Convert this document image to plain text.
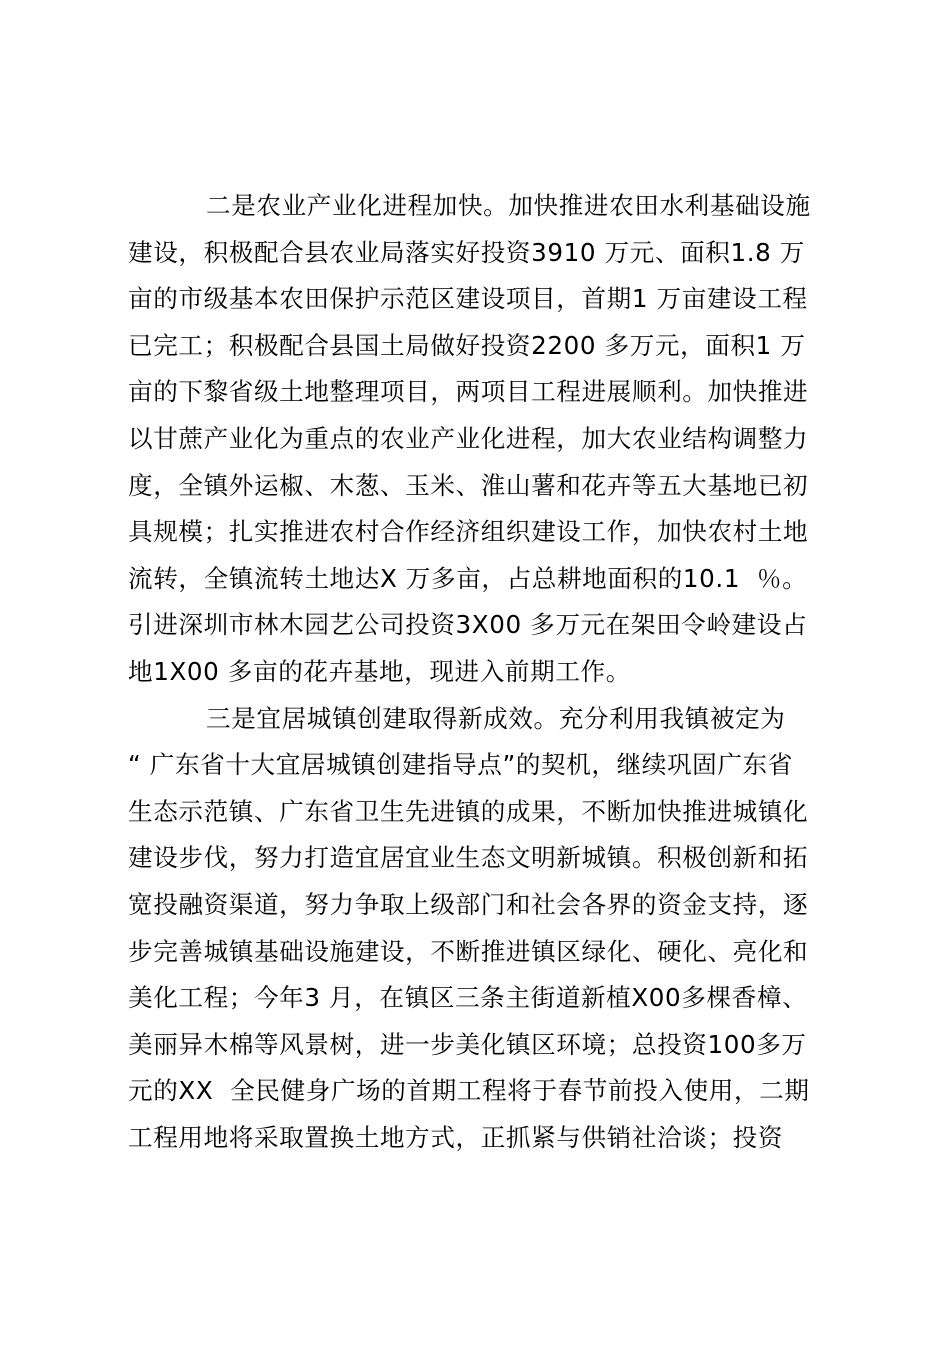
二是农业产业化进程加快。加快推进农田水利基础设施
建设，积极配合县农业局落实好投资3910 万元、面积1.8 万
亩的市级基本农田保护示范区建设项目，首期1 万亩建设工程
已完工；积极配合县国土局做好投资2200 多万元，面积1 万
亩的下黎省级土地整理项目，两项目工程进展顺利。加快推进
以甘蔗产业化为重点的农业产业化进程，加大农业结构调整力
度，全镇外运椒、木葱、玉米、淮山薯和花卉等五大基地已初
具规模；扎实推进农村合作经济组织建设工作，加快农村土地
流转，全镇流转土地达X 万多亩，占总耕地面积的10.1  ％。
引进深圳市林木园艺公司投资3X00 多万元在架田令岭建设占
地1X00 多亩的花卉基地，现进入前期工作。
三是宜居城镇创建取得新成效。充分利用我镇被定为
“ 广东省十大宜居城镇创建指导点”的契机，继续巩固广东省
生态示范镇、广东省卫生先进镇的成果，不断加快推进城镇化
建设步伐，努力打造宜居宜业生态文明新城镇。积极创新和拓
宽投融资渠道，努力争取上级部门和社会各界的资金支持，逐
步完善城镇基础设施建设，不断推进镇区绿化、硬化、亮化和
美化工程；今年3 月，在镇区三条主街道新植X00多棵香樟、
美丽异木棉等风景树，进一步美化镇区环境；总投资100多万
元的XX  全民健身广场的首期工程将于春节前投入使用，二期
工程用地将采取置换土地方式，正抓紧与供销社洽谈；投资
